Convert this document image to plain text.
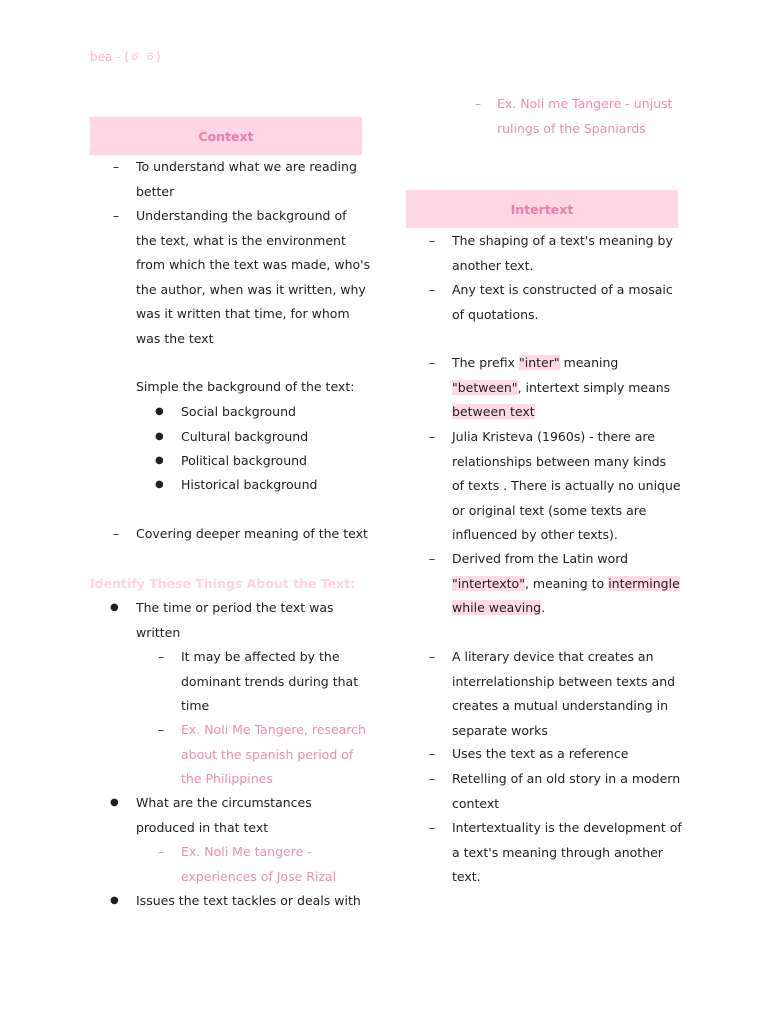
bea - (ㆆ ㆆ)
Context
–	To understand what we are reading
better
–	Understanding the background of
the text, what is the environment
from which the text was made, who's
the author, when was it written, why
was it written that time, for whom
was the text
Simple the background of the text:
●	Social background
●	Cultural background
●	Political background
●	Historical background
–	Covering deeper meaning of the text
Identify These Things About the Text:
●	The time or period the text was
written
–	It may be affected by the
dominant trends during that
time
–	Ex. Noli Me Tangere, research
about the spanish period of
the Philippines
●	What are the circumstances
produced in that text
–	Ex. Noli Me tangere -
experiences of Jose Rizal
●	Issues the text tackles or deals with
–	Ex. Noli me Tangere - unjust
rulings of the Spaniards
Intertext
–	The shaping of a text's meaning by
another text.
–	Any text is constructed of a mosaic
of quotations.
–	The prefix "inter" meaning
"between", intertext simply means
between text
–	Julia Kristeva (1960s) - there are
relationships between many kinds
of texts . There is actually no unique
or original text (some texts are
influenced by other texts).
–	Derived from the Latin word
"intertexto", meaning to intermingle
while weaving.
–	A literary device that creates an
interrelationship between texts and
creates a mutual understanding in
separate works
–	Uses the text as a reference
–	Retelling of an old story in a modern
context
–	Intertextuality is the development of
a text's meaning through another
text.
